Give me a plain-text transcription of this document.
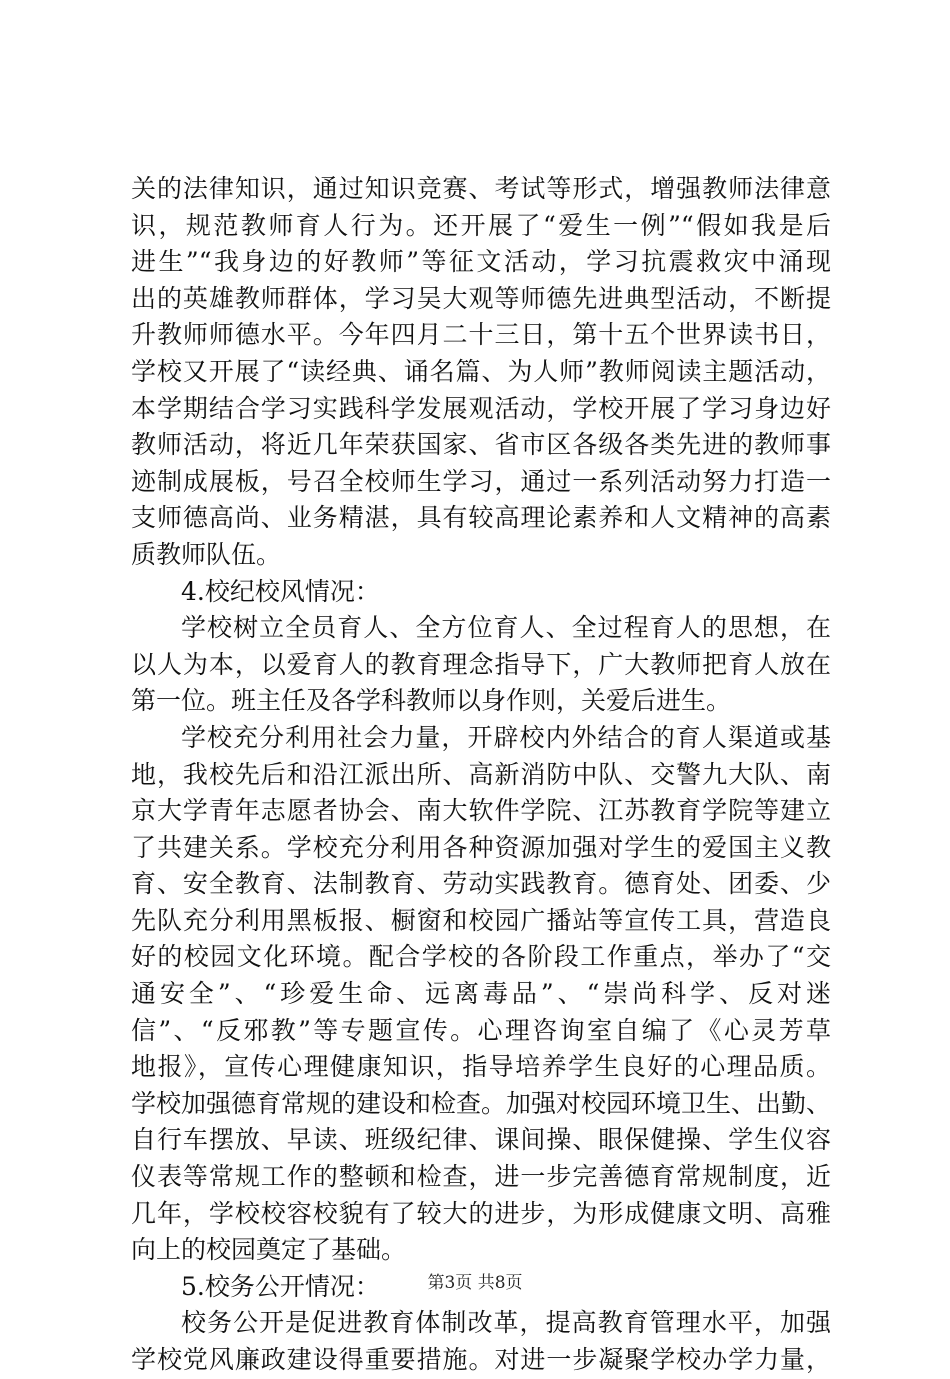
关的法律知识，通过知识竞赛、考试等形式，增强教师法律意
识，规范教师育人行为。还开展了“爱生一例”“假如我是后
进生”“我身边的好教师”等征文活动，学习抗震救灾中涌现
出的英雄教师群体，学习吴大观等师德先进典型活动，不断提
升教师师德水平。今年四月二十三日，第十五个世界读书日，
学校又开展了“读经典、诵名篇、为人师”教师阅读主题活动，
本学期结合学习实践科学发展观活动，学校开展了学习身边好
教师活动，将近几年荣获国家、省市区各级各类先进的教师事
迹制成展板，号召全校师生学习，通过一系列活动努力打造一
支师德高尚、业务精湛，具有较高理论素养和人文精神的高素
质教师队伍。
4.校纪校风情况：
学校树立全员育人、全方位育人、全过程育人的思想，在
以人为本，以爱育人的教育理念指导下，广大教师把育人放在
第一位。班主任及各学科教师以身作则，关爱后进生。
学校充分利用社会力量，开辟校内外结合的育人渠道或基
地，我校先后和沿江派出所、高新消防中队、交警九大队、南
京大学青年志愿者协会、南大软件学院、江苏教育学院等建立
了共建关系。学校充分利用各种资源加强对学生的爱国主义教
育、安全教育、法制教育、劳动实践教育。德育处、团委、少
先队充分利用黑板报、橱窗和校园广播站等宣传工具，营造良
好的校园文化环境。配合学校的各阶段工作重点，举办了“交
通安全”、“珍爱生命、远离毒品”、“崇尚科学、反对迷
信”、“反邪教”等专题宣传。心理咨询室自编了《心灵芳草
地报》，宣传心理健康知识，指导培养学生良好的心理品质。
学校加强德育常规的建设和检查。加强对校园环境卫生、出勤、
自行车摆放、早读、班级纪律、课间操、眼保健操、学生仪容
仪表等常规工作的整顿和检查，进一步完善德育常规制度，近
几年，学校校容校貌有了较大的进步，为形成健康文明、高雅
向上的校园奠定了基础。
5.校务公开情况：
校务公开是促进教育体制改革，提高教育管理水平，加强
学校党风廉政建设得重要措施。对进一步凝聚学校办学力量，
第3页 共8页
